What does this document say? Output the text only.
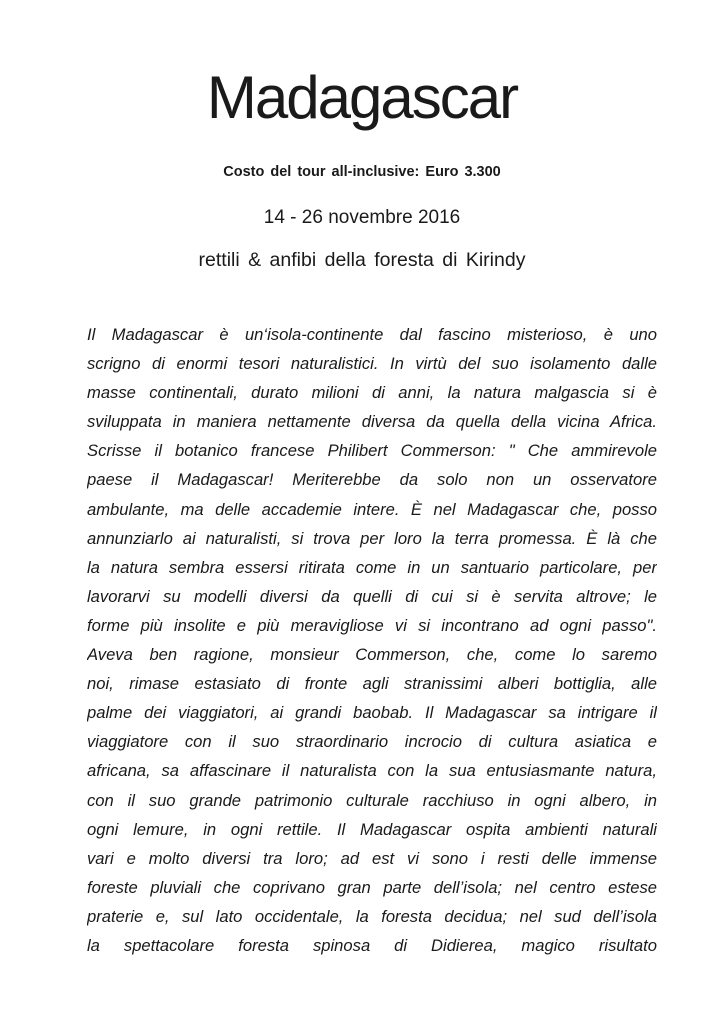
Madagascar

Costo del tour all-inclusive: Euro 3.300

14 - 26 novembre 2016

rettili & anfibi della foresta di Kirindy

Il Madagascar è un‘isola-continente dal fascino misterioso, è uno
scrigno di enormi tesori naturalistici. In virtù del suo isolamento dalle
masse continentali, durato milioni di anni, la natura malgascia si è
sviluppata in maniera nettamente diversa da quella della vicina Africa.
Scrisse il botanico francese Philibert Commerson: " Che ammirevole
paese il Madagascar! Meriterebbe da solo non un osservatore
ambulante, ma delle accademie intere. È nel Madagascar che, posso
annunziarlo ai naturalisti, si trova per loro la terra promessa. È là che
la natura sembra essersi ritirata come in un santuario particolare, per
lavorarvi su modelli diversi da quelli di cui si è servita altrove; le
forme più insolite e più meravigliose vi si incontrano ad ogni passo".
Aveva ben ragione, monsieur Commerson, che, come lo saremo
noi, rimase estasiato di fronte agli stranissimi alberi bottiglia, alle
palme dei viaggiatori, ai grandi baobab. Il Madagascar sa intrigare il
viaggiatore con il suo straordinario incrocio di cultura asiatica e
africana, sa affascinare il naturalista con la sua entusiasmante natura,
con il suo grande patrimonio culturale racchiuso in ogni albero, in
ogni lemure, in ogni rettile. Il Madagascar ospita ambienti naturali
vari e molto diversi tra loro; ad est vi sono i resti delle immense
foreste pluviali che coprivano gran parte dell’isola; nel centro estese
praterie e, sul lato occidentale, la foresta decidua; nel sud dell’isola
la spettacolare foresta spinosa di Didierea, magico risultato
